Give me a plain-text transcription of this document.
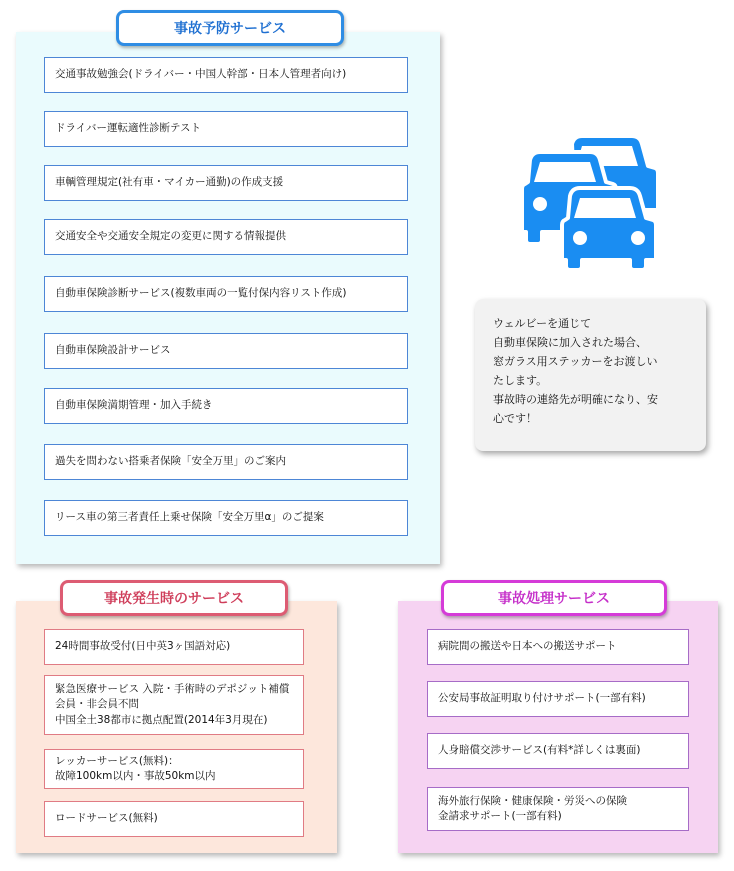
事故予防サービス
事故発生時のサービス	事故処理サービス
交通事故勉強会(ドライバー・中国人幹部・日本人管理者向け)
ドライバー運転適性診断テスト
車輌管理規定(社有車・マイカー通勤)の作成支援
交通安全や交通安全規定の変更に関する情報提供
自動車保険診断サービス(複数車両の一覧付保内容リスト作成)
自動車保険設計サービス
自動車保険満期管理・加入手続き
過失を問わない搭乗者保険「安全万里」のご案内
リース車の第三者責任上乗せ保険「安全万里α」のご提案
ウェルビーを通じて
自動車保険に加入された場合、
窓ガラス用ステッカーをお渡しい
たします。
事故時の連絡先が明確になり、安
心です！
24時間事故受付(日中英3ヶ国語対応)
緊急医療サービス 入院・手術時のデポジット補償
会員・非会員不問
中国全土38都市に拠点配置(2014年3月現在)
レッカーサービス(無料)：
故障100km以内・事故50km以内
ロードサービス(無料)
病院間の搬送や日本への搬送サポート
公安局事故証明取り付けサポート(一部有料)
人身賠償交渉サービス(有料*詳しくは裏面)
海外旅行保険・健康保険・労災への保険
金請求サポート(一部有料)
